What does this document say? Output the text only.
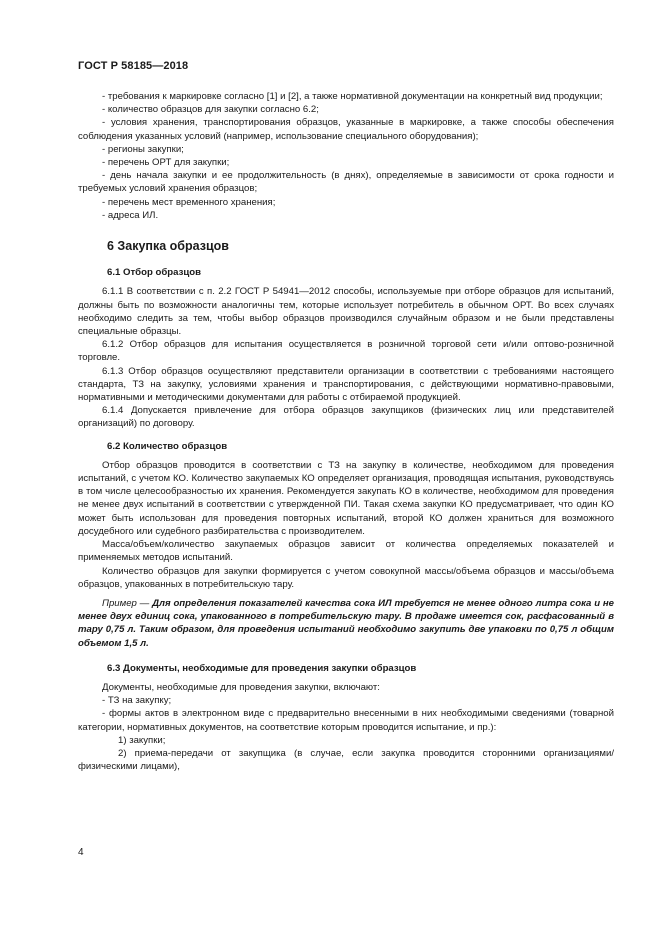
ГОСТ Р 58185—2018

- требования к маркировке согласно [1] и [2], а также нормативной документации на конкретный вид продукции;

- количество образцов для закупки согласно 6.2;

- условия хранения, транспортирования образцов, указанные в маркировке, а также способы обеспечения соблюдения указанных условий (например, использование специального оборудования);

- регионы закупки;

- перечень ОРТ для закупки;

- день начала закупки и ее продолжительность (в днях), определяемые в зависимости от срока годности и требуемых условий хранения образцов;

- перечень мест временного хранения;

- адреса ИЛ.

6 Закупка образцов
6.1 Отбор образцов

6.1.1 В соответствии с п. 2.2 ГОСТ Р 54941—2012 способы, используемые при отборе образцов для испытаний, должны быть по возможности аналогичны тем, которые использует потребитель в обычном ОРТ. Во всех случаях необходимо следить за тем, чтобы выбор образцов производился случайным образом и не были представлены специальные образцы.

6.1.2 Отбор образцов для испытания осуществляется в розничной торговой сети и/или оптово-розничной торговле.

6.1.3 Отбор образцов осуществляют представители организации в соответствии с требованиями настоящего стандарта, ТЗ на закупку, условиями хранения и транспортирования, с действующими нормативно-правовыми, нормативными и методическими документами для работы с отбираемой продукцией.

6.1.4 Допускается привлечение для отбора образцов закупщиков (физических лиц или представителей организаций) по договору.

6.2 Количество образцов

Отбор образцов проводится в соответствии с ТЗ на закупку в количестве, необходимом для проведения испытаний, с учетом КО. Количество закупаемых КО определяет организация, проводящая испытания, руководствуясь в том числе целесообразностью их хранения. Рекомендуется закупать КО в количестве, необходимом для проведения не менее двух испытаний в соответствии с утвержденной ПИ. Такая схема закупки КО предусматривает, что один КО может быть использован для проведения повторных испытаний, второй КО должен храниться для возможного досудебного или судебного разбирательства с производителем.

Масса/объем/количество закупаемых образцов зависит от количества определяемых показателей и применяемых методов испытаний.

Количество образцов для закупки формируется с учетом совокупной массы/объема образцов и массы/объема образцов, упакованных в потребительскую тару.

Пример — Для определения показателей качества сока ИЛ требуется не менее одного литра сока и не менее двух единиц сока, упакованного в потребительскую тару. В продаже имеется сок, расфасованный в тару 0,75 л. Таким образом, для проведения испытаний необходимо закупить две упаковки по 0,75 л общим объемом 1,5 л.

6.3 Документы, необходимые для проведения закупки образцов

Документы, необходимые для проведения закупки, включают:

- ТЗ на закупку;

- формы актов в электронном виде с предварительно внесенными в них необходимыми сведениями (товарной категории, нормативных документов, на соответствие которым проводится испытание, и пр.):

1) закупки;

2) приема-передачи от закупщика (в случае, если закупка проводится сторонними организациями/физическими лицами),

4
